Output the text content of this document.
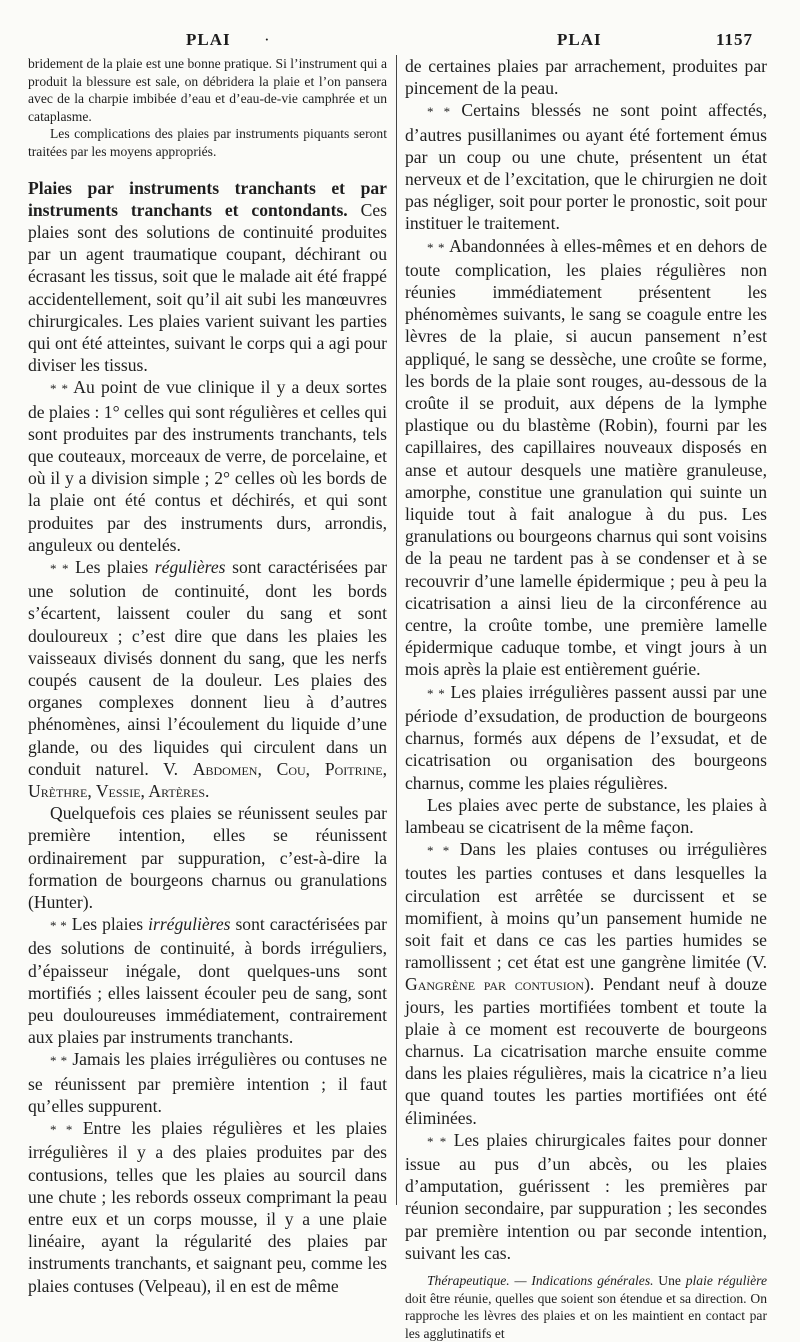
PLAI ·	PLAI	1157

bridement de la plaie est une bonne pratique. Si l’instrument qui a produit la blessure est sale, on débridera la plaie et l’on pansera avec de la charpie imbibée d’eau et d’eau-de-vie camphrée et un cataplasme.

Les complications des plaies par instruments piquants seront traitées par les moyens appropriés.

Plaies par instruments tranchants et par instruments tranchants et contondants. Ces plaies sont des solutions de continuité produites par un agent traumatique coupant, déchirant ou écrasant les tissus, soit que le malade ait été frappé accidentellement, soit qu’il ait subi les manœuvres chirurgicales. Les plaies varient suivant les parties qui ont été atteintes, suivant le corps qui a agi pour diviser les tissus.

* * Au point de vue clinique il y a deux sortes de plaies : 1° celles qui sont régulières et celles qui sont produites par des instruments tranchants, tels que couteaux, morceaux de verre, de porcelaine, et où il y a division simple ; 2° celles où les bords de la plaie ont été contus et déchirés, et qui sont produites par des instruments durs, arrondis, anguleux ou dentelés.

* * Les plaies régulières sont caractérisées par une solution de continuité, dont les bords s’écartent, laissent couler du sang et sont douloureux ; c’est dire que dans les plaies les vaisseaux divisés donnent du sang, que les nerfs coupés causent de la douleur. Les plaies des organes complexes donnent lieu à d’autres phénomènes, ainsi l’écoulement du liquide d’une glande, ou des liquides qui circulent dans un conduit naturel. V. Abdomen, Cou, Poitrine, Urèthre, Vessie, Artères.

Quelquefois ces plaies se réunissent seules par première intention, elles se réunissent ordinairement par suppuration, c’est-à-dire la formation de bourgeons charnus ou granulations (Hunter).

* * Les plaies irrégulières sont caractérisées par des solutions de continuité, à bords irréguliers, d’épaisseur inégale, dont quelques-uns sont mortifiés ; elles laissent écouler peu de sang, sont peu douloureuses immédiatement, contrairement aux plaies par instruments tranchants.

* * Jamais les plaies irrégulières ou contuses ne se réunissent par première intention ; il faut qu’elles suppurent.

* * Entre les plaies régulières et les plaies irrégulières il y a des plaies produites par des contusions, telles que les plaies au sourcil dans une chute ; les rebords osseux comprimant la peau entre eux et un corps mousse, il y a une plaie linéaire, ayant la régularité des plaies par instruments tranchants, et saignant peu, comme les plaies contuses (Velpeau), il en est de même

de certaines plaies par arrachement, produites par pincement de la peau.

* * Certains blessés ne sont point affectés, d’autres pusillanimes ou ayant été fortement émus par un coup ou une chute, présentent un état nerveux et de l’excitation, que le chirurgien ne doit pas négliger, soit pour porter le pronostic, soit pour instituer le traitement.

* * Abandonnées à elles-mêmes et en dehors de toute complication, les plaies régulières non réunies immédiatement présentent les phénomèmes suivants, le sang se coagule entre les lèvres de la plaie, si aucun pansement n’est appliqué, le sang se dessèche, une croûte se forme, les bords de la plaie sont rouges, au-dessous de la croûte il se produit, aux dépens de la lymphe plastique ou du blastème (Robin), fourni par les capillaires, des capillaires nouveaux disposés en anse et autour desquels une matière granuleuse, amorphe, constitue une granulation qui suinte un liquide tout à fait analogue à du pus. Les granulations ou bourgeons charnus qui sont voisins de la peau ne tardent pas à se condenser et à se recouvrir d’une lamelle épidermique ; peu à peu la cicatrisation a ainsi lieu de la circonférence au centre, la croûte tombe, une première lamelle épidermique caduque tombe, et vingt jours à un mois après la plaie est entièrement guérie.

* * Les plaies irrégulières passent aussi par une période d’exsudation, de production de bourgeons charnus, formés aux dépens de l’exsudat, et de cicatrisation ou organisation des bourgeons charnus, comme les plaies régulières.

Les plaies avec perte de substance, les plaies à lambeau se cicatrisent de la même façon.

* * Dans les plaies contuses ou irrégulières toutes les parties contuses et dans lesquelles la circulation est arrêtée se durcissent et se momifient, à moins qu’un pansement humide ne soit fait et dans ce cas les parties humides se ramollissent ; cet état est une gangrène limitée (V. Gangrène par contusion). Pendant neuf à douze jours, les parties mortifiées tombent et toute la plaie à ce moment est recouverte de bourgeons charnus. La cicatrisation marche ensuite comme dans les plaies régulières, mais la cicatrice n’a lieu que quand toutes les parties mortifiées ont été éliminées.

* * Les plaies chirurgicales faites pour donner issue au pus d’un abcès, ou les plaies d’amputation, guérissent : les premières par réunion secondaire, par suppuration ; les secondes par première intention ou par seconde intention, suivant les cas.

Thérapeutique. — Indications générales. Une plaie régulière doit être réunie, quelles que soient son étendue et sa direction. On rapproche les lèvres des plaies et on les maintient en contact par les agglutinatifs et
